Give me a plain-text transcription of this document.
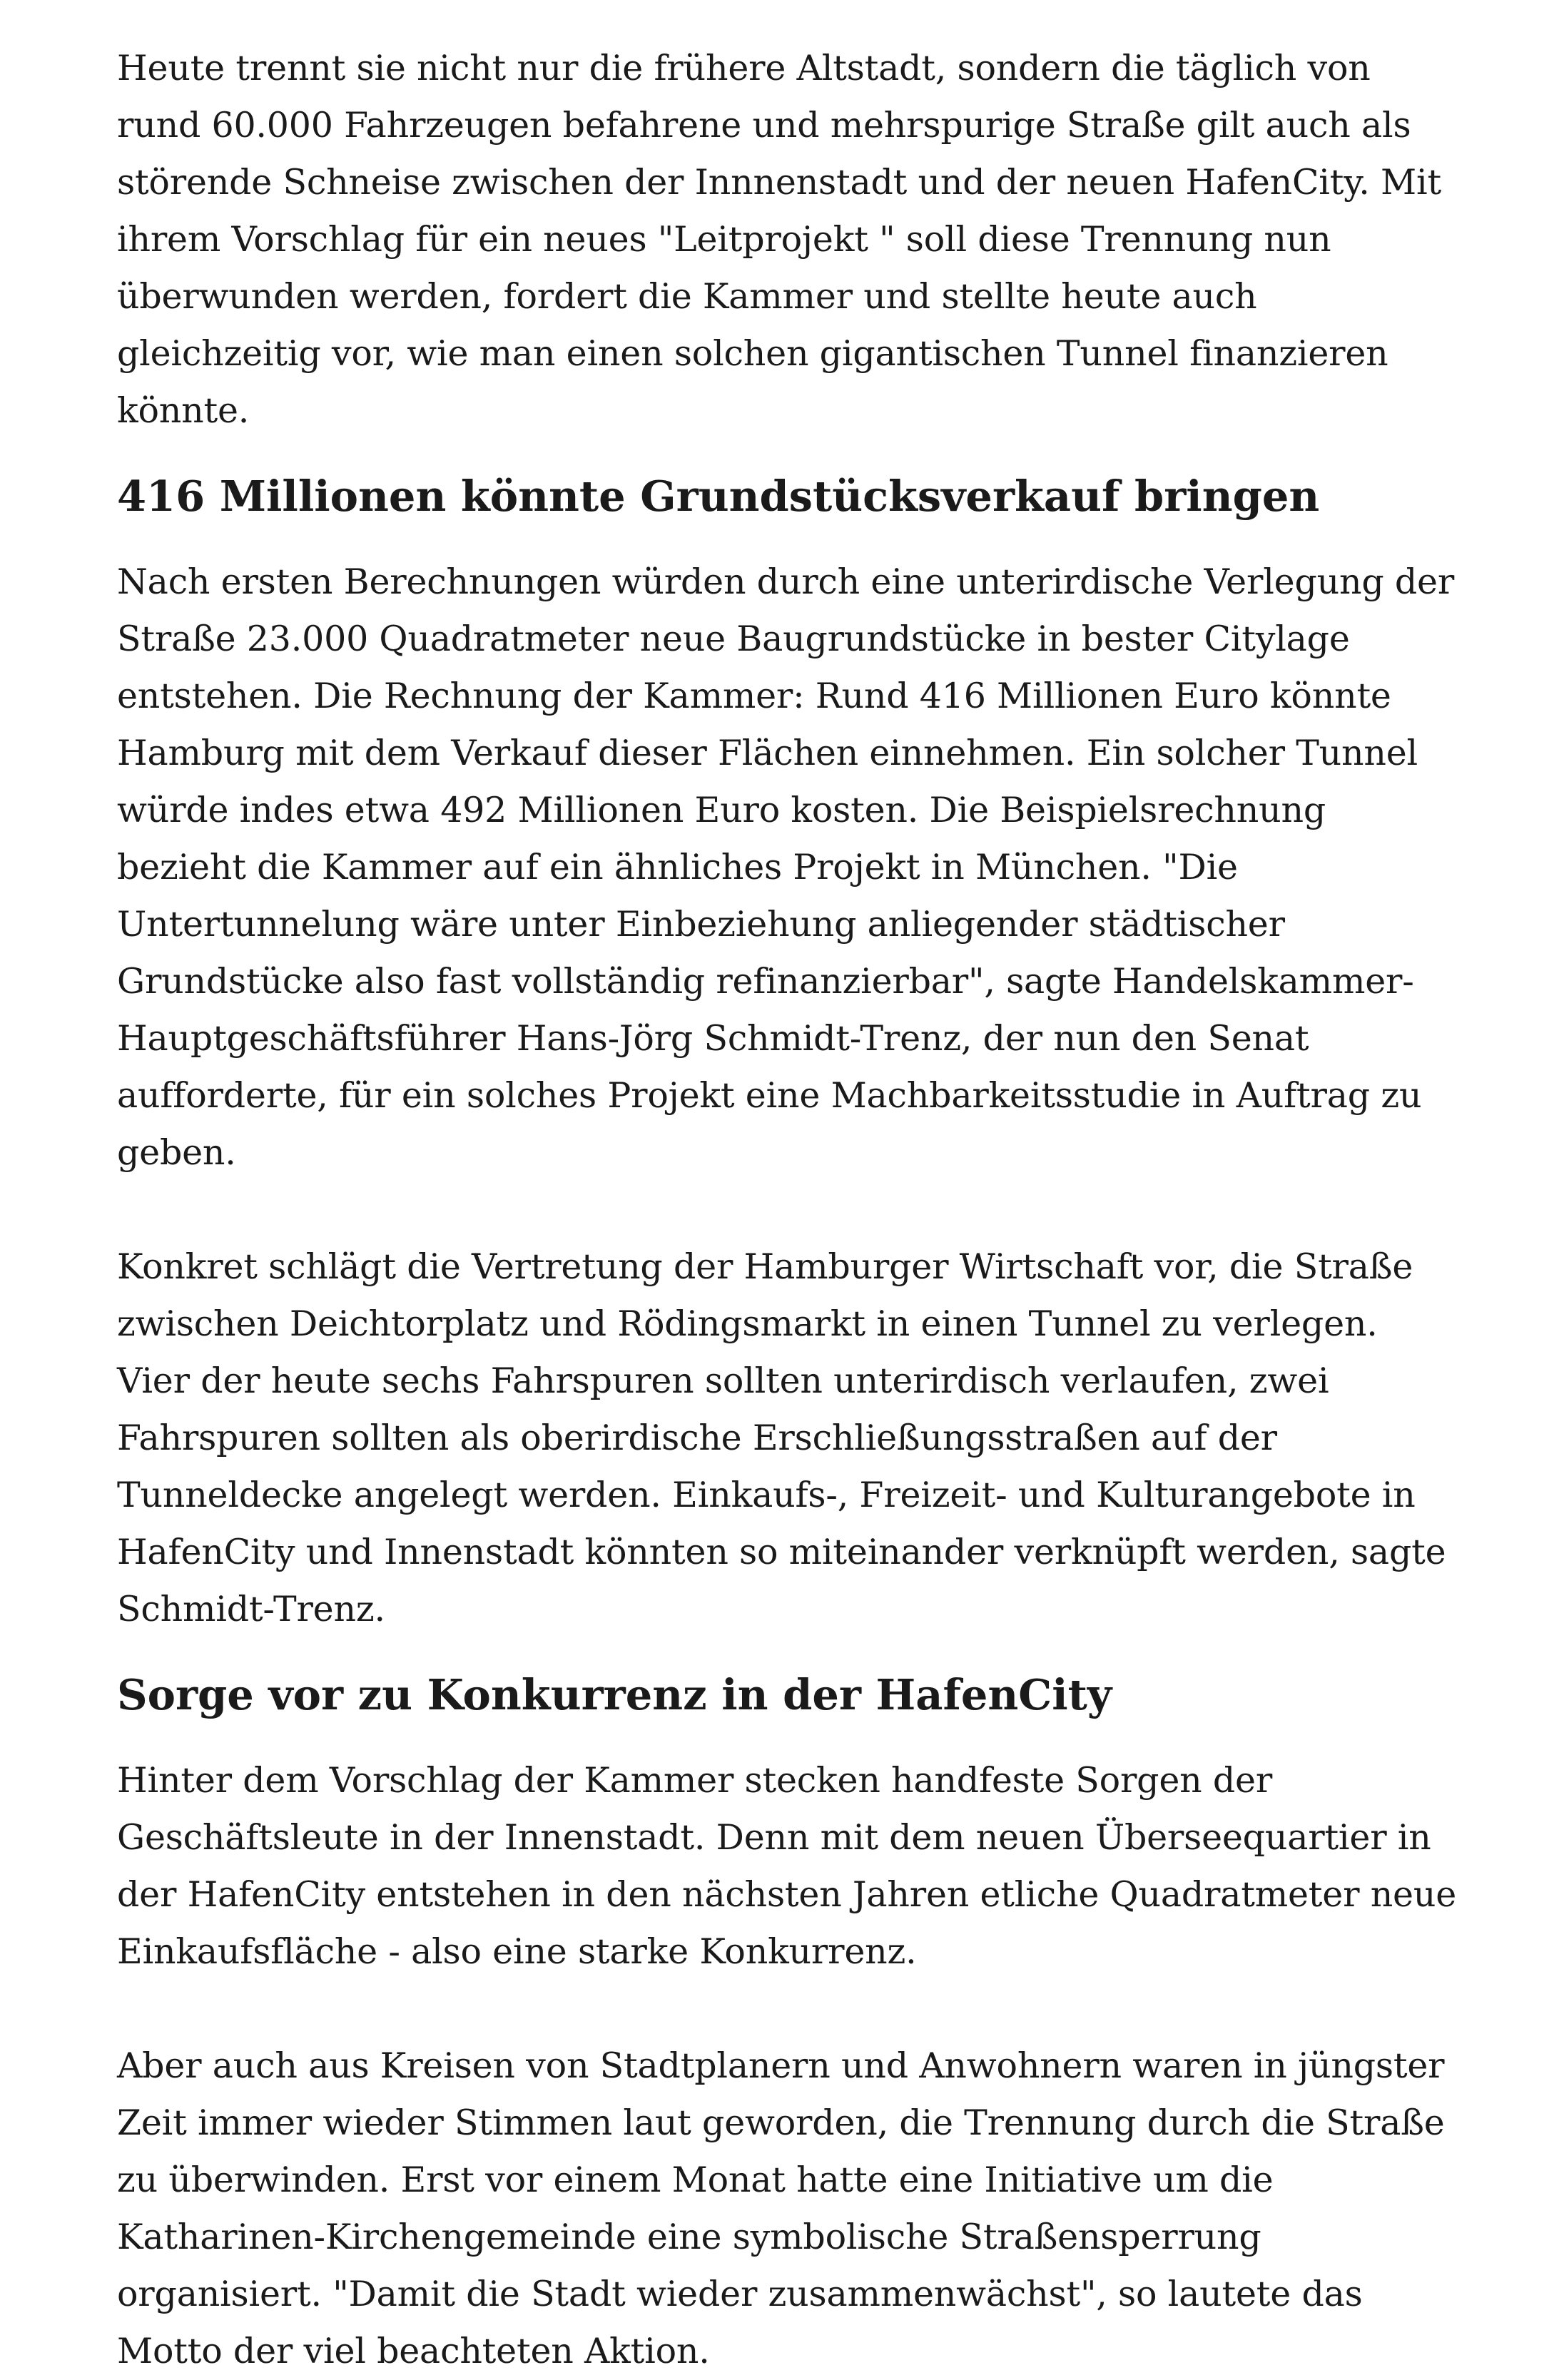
Heute trennt sie nicht nur die frühere Altstadt, sondern die täglich von rund 60.000 Fahrzeugen befahrene und mehrspurige Straße gilt auch als störende Schneise zwischen der Innnenstadt und der neuen HafenCity. Mit ihrem Vorschlag für ein neues "Leitprojekt " soll diese Trennung nun überwunden werden, fordert die Kammer und stellte heute auch gleichzeitig vor, wie man einen solchen gigantischen Tunnel finanzieren könnte.

416 Millionen könnte Grundstücksverkauf bringen

Nach ersten Berechnungen würden durch eine unterirdische Verlegung der Straße 23.000 Quadratmeter neue Baugrundstücke in bester Citylage entstehen. Die Rechnung der Kammer: Rund 416 Millionen Euro könnte Hamburg mit dem Verkauf dieser Flächen einnehmen. Ein solcher Tunnel würde indes etwa 492 Millionen Euro kosten. Die Beispielsrechnung bezieht die Kammer auf ein ähnliches Projekt in München. "Die Untertunnelung wäre unter Einbeziehung anliegender städtischer Grundstücke also fast vollständig refinanzierbar", sagte Handelskammer-Hauptgeschäftsführer Hans-Jörg Schmidt-Trenz, der nun den Senat aufforderte, für ein solches Projekt eine Machbarkeitsstudie in Auftrag zu geben.

Konkret schlägt die Vertretung der Hamburger Wirtschaft vor, die Straße zwischen Deichtorplatz und Rödingsmarkt in einen Tunnel zu verlegen. Vier der heute sechs Fahrspuren sollten unterirdisch verlaufen, zwei Fahrspuren sollten als oberirdische Erschließungsstraßen auf der Tunneldecke angelegt werden. Einkaufs-, Freizeit- und Kulturangebote in HafenCity und Innenstadt könnten so miteinander verknüpft werden, sagte Schmidt-Trenz.

Sorge vor zu Konkurrenz in der HafenCity

Hinter dem Vorschlag der Kammer stecken handfeste Sorgen der Geschäftsleute in der Innenstadt. Denn mit dem neuen Überseequartier in der HafenCity entstehen in den nächsten Jahren etliche Quadratmeter neue Einkaufsfläche - also eine starke Konkurrenz.

Aber auch aus Kreisen von Stadtplanern und Anwohnern waren in jüngster Zeit immer wieder Stimmen laut geworden, die Trennung durch die Straße zu überwinden. Erst vor einem Monat hatte eine Initiative um die Katharinen-Kirchengemeinde eine symbolische Straßensperrung organisiert. "Damit die Stadt wieder zusammenwächst", so lautete das Motto der viel beachteten Aktion.
